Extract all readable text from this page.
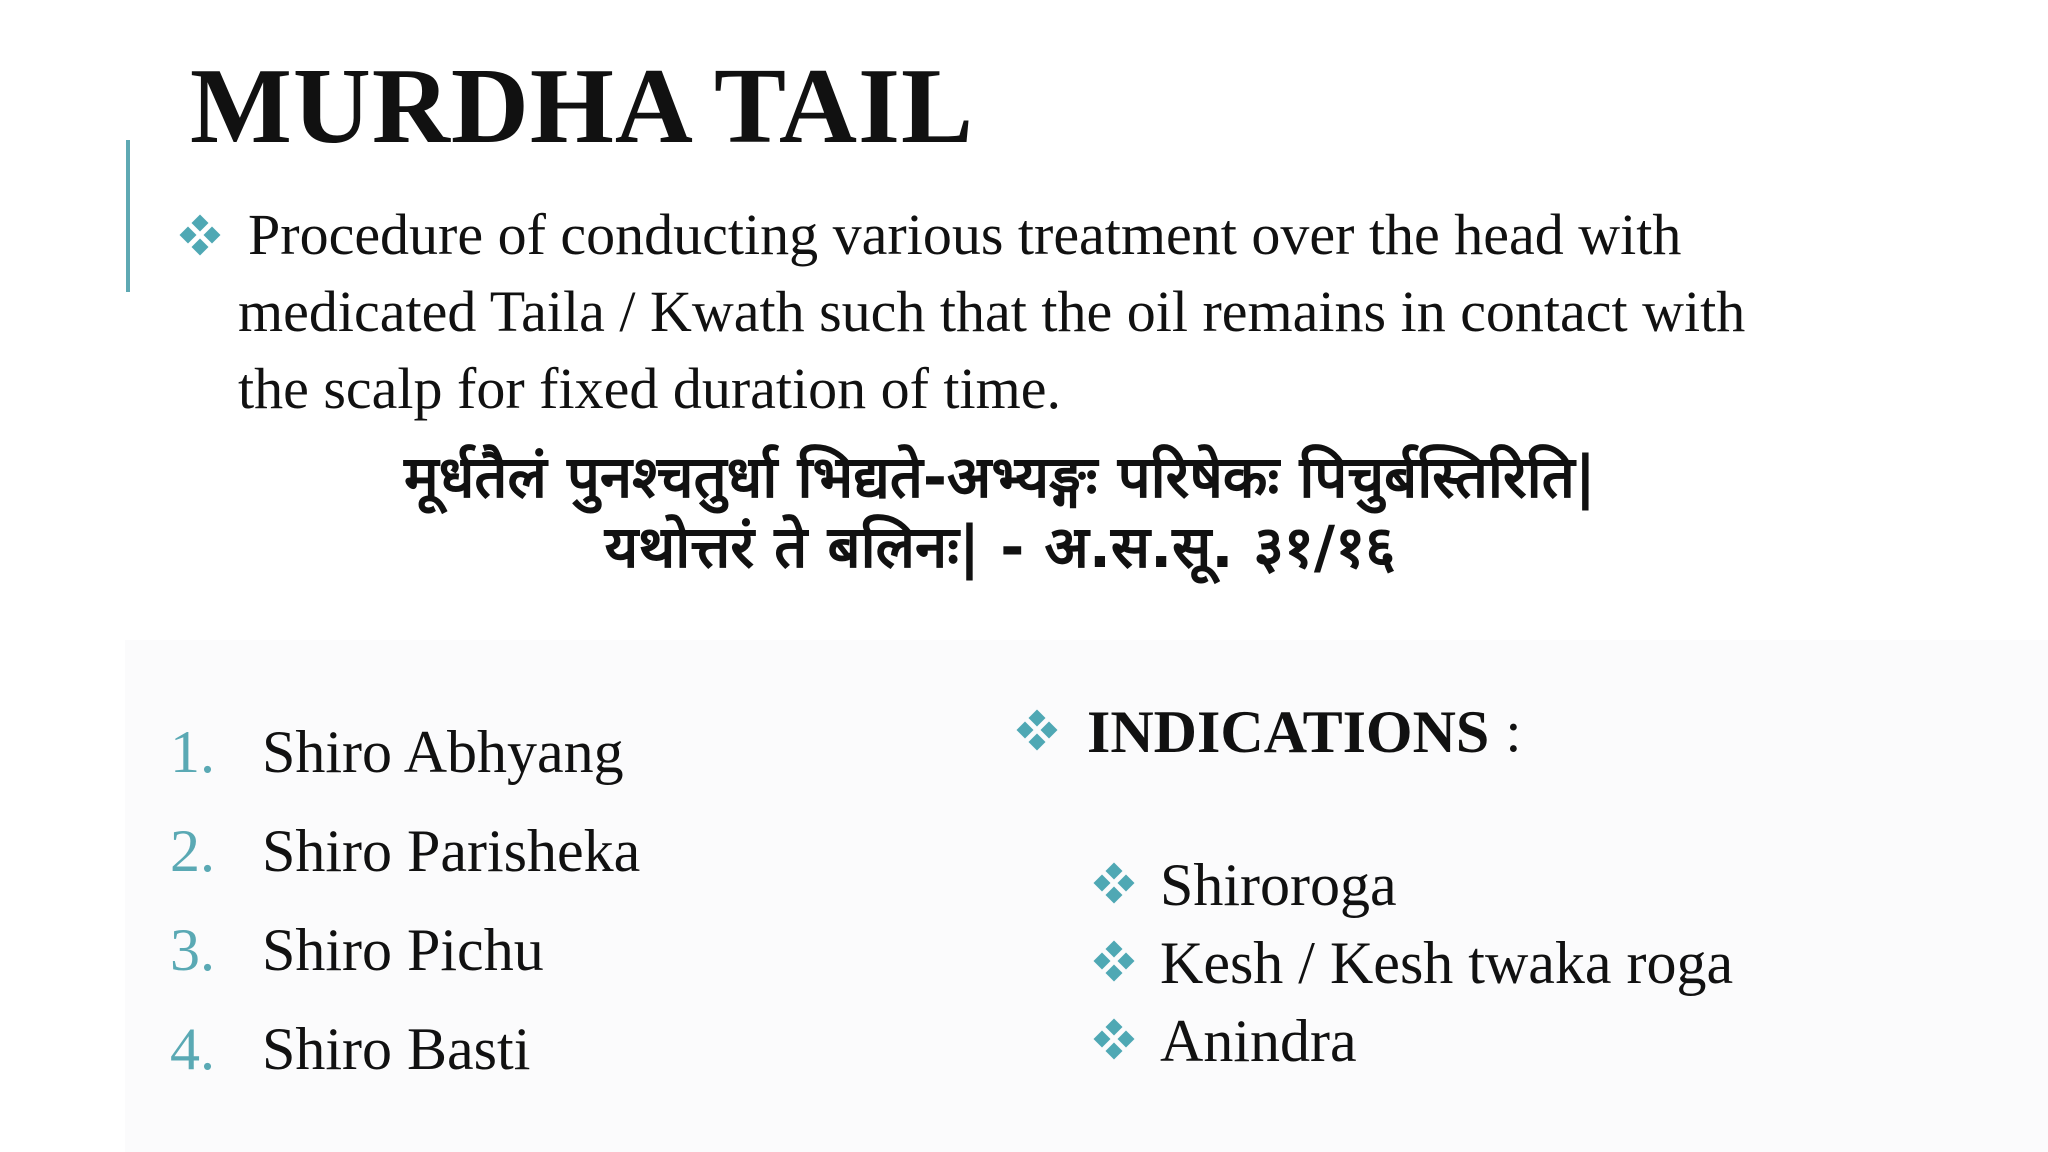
MURDHA TAIL

Procedure of conducting various treatment over the head with
medicated Taila / Kwath such that the oil remains in contact with
the scalp for fixed duration of time.

मूर्धतैलं पुनश्चतुर्धा भिद्यते-अभ्यङ्गः परिषेकः पिचुर्बस्तिरिति|
यथोत्तरं ते बलिनः| - अ.स.सू. ३१/१६
1. Shiro Abhyang
2. Shiro Parisheka
3. Shiro Pichu
4. Shiro Basti
INDICATIONS :
Shiroroga
Kesh / Kesh twaka roga
Anindra
